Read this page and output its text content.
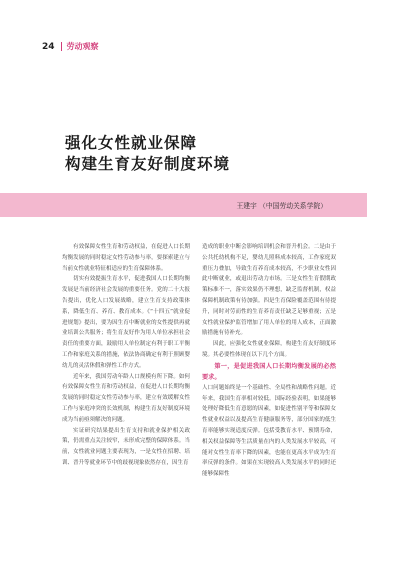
24 劳动观察
强化女性就业保障
构建生育友好制度环境
王建宇 （中国劳动关系学院）

有效保障女性生育和劳动权益，在促进人口长期均衡发展的同时稳定女性劳动参与率，要探索建立与当前女性就业特征相适应的生育保障体系。

切实有效提振生育水平，促进我国人口长期均衡发展是当前经济社会发展的重要任务。党的二十大报告提出，优化人口发展战略，建立生育支持政策体系，降低生育、养育、教育成本。《“十四五”就业促进规划》提出，要为因生育中断就业的女性提供再就业培训公共服务；将生育友好作为用人单位承担社会责任的重要方面，鼓励用人单位制定有利于职工平衡工作和家庭关系的措施，依法协商确定有利于照顾婴幼儿的灵活休假和弹性工作方式。

近年来，我国劳动年龄人口规模有所下降。如何有效保障女性生育和劳动权益，在促进人口长期均衡发展的同时稳定女性劳动参与率，建立有效缓解女性工作与家庭冲突的长效机制，构建生育友好制度环境成为当前亟须解决的问题。

实证研究结果提出生育支持和就业保护相关政策，仍需重点关注较窄，未形成完整的保障体系。当前，女性就业问题主要表现为，一是女性在招聘、培训、晋升等就业环节中的歧视现象依然存在，因生育

造成的职业中断会影响培训机会和晋升机会。二是由于公共托幼机构不足，婴幼儿照料成本较高，工作家庭双重压力叠加，导致生育养育成本较高，不少职业女性因此中断就业，或退出劳动力市场。三是女性生育假期政策标准不一，落实效果仍不理想，缺乏监督机制，权益保障机制政策有待加强。四是生育保险覆盖范围有待提升，同时对劳而性的生育养育责任缺乏足够重视；五是女性就业保护监管增加了用人单位的用人成本，正面激励措施有待补充。

因此，应强化女性就业保障，构建生育友好制度环境。其必要性体现在以下几个方面。

第一，是促进我国人口长期均衡发展的必然要求。

人口问题始终是一个基础性、全局性和战略性问题。近年来，我国生育率相对较低。国际经验表明，如果能够处理好降低生育意愿的因素，如促进性别平等和保障女性就业权益以及提高生育健康服务等，部分国家的低生育率能够实现适度反弹。包括受教育水平、预期寿命，相关权益保障等生活质量在内的人类发展水平较高，可能对女性生育率下降的因素，也能在更高水平成为生育率反弹的条件。如果在实现较高人类发展水平的同时还能够保障性
